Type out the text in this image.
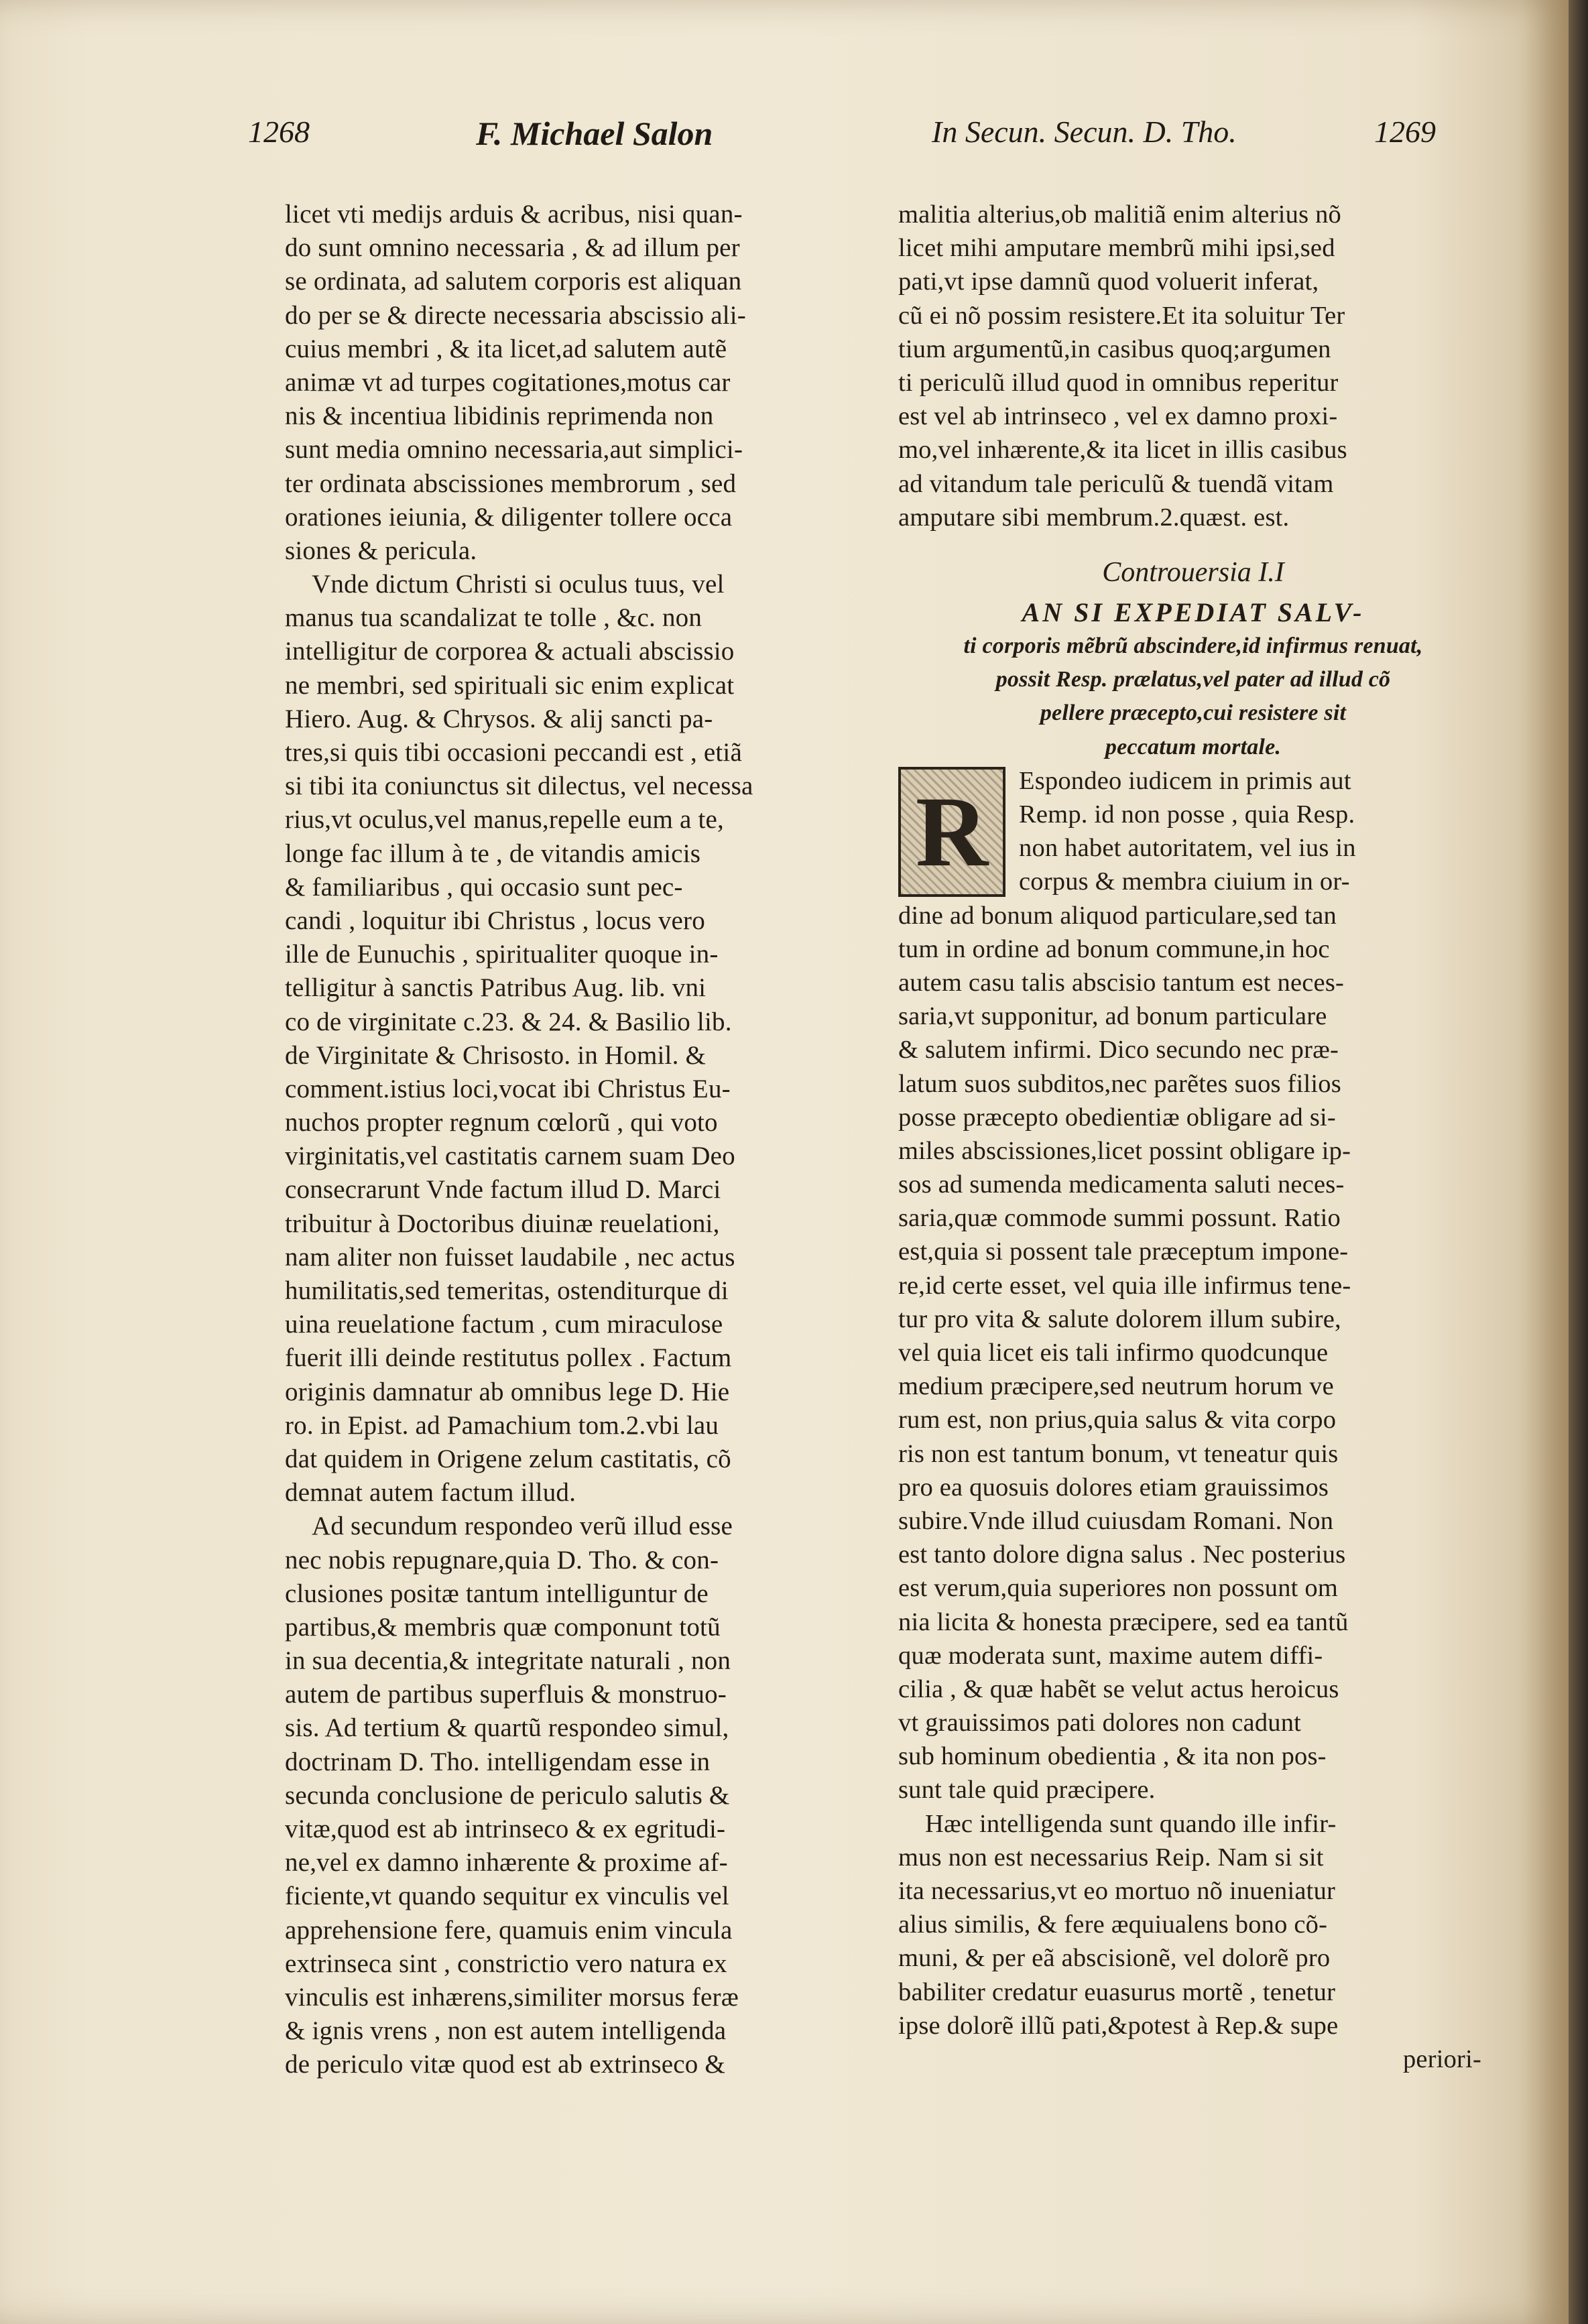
1268	F. Michael Salon	In Secun. Secun. D. Tho.	1269
licet vti medijs arduis & acribus, nisi quan-
do sunt omnino necessaria , & ad illum per
se ordinata, ad salutem corporis est aliquan
do per se & directe necessaria abscissio ali-
cuius membri , & ita licet,ad salutem autẽ
animæ vt ad turpes cogitationes,motus car
nis & incentiua libidinis reprimenda non
sunt media omnino necessaria,aut simplici-
ter ordinata abscissiones membrorum , sed
orationes ieiunia, & diligenter tollere occa
siones & pericula.
Vnde dictum Christi si oculus tuus, vel
manus tua scandalizat te tolle , &c. non
intelligitur de corporea & actuali abscissio
ne membri, sed spirituali sic enim explicat
Hiero. Aug. & Chrysos. & alij sancti pa-
tres,si quis tibi occasioni peccandi est , etiã
si tibi ita coniunctus sit dilectus, vel necessa
rius,vt oculus,vel manus,repelle eum a te,
longe fac illum à te , de vitandis amicis
& familiaribus , qui occasio sunt pec-
candi , loquitur ibi Christus , locus vero
ille de Eunuchis , spiritualiter quoque in-
telligitur à sanctis Patribus Aug. lib. vni
co de virginitate c.23. & 24. & Basilio lib.
de Virginitate & Chrisosto. in Homil. &
comment.istius loci,vocat ibi Christus Eu-
nuchos propter regnum cœlorũ , qui voto
virginitatis,vel castitatis carnem suam Deo
consecrarunt Vnde factum illud D. Marci
tribuitur à Doctoribus diuinæ reuelationi,
nam aliter non fuisset laudabile , nec actus
humilitatis,sed temeritas, ostenditurque di
uina reuelatione factum , cum miraculose
fuerit illi deinde restitutus pollex . Factum
originis damnatur ab omnibus lege D. Hie
ro. in Epist. ad Pamachium tom.2.vbi lau
dat quidem in Origene zelum castitatis, cõ
demnat autem factum illud.
Ad secundum respondeo verũ illud esse
nec nobis repugnare,quia D. Tho. & con-
clusiones positæ tantum intelliguntur de
partibus,& membris quæ componunt totũ
in sua decentia,& integritate naturali , non
autem de partibus superfluis & monstruo-
sis. Ad tertium & quartũ respondeo simul,
doctrinam D. Tho. intelligendam esse in
secunda conclusione de periculo salutis &
vitæ,quod est ab intrinseco & ex egritudi-
ne,vel ex damno inhærente & proxime af-
ficiente,vt quando sequitur ex vinculis vel
apprehensione fere, quamuis enim vincula
extrinseca sint , constrictio vero natura ex
vinculis est inhærens,similiter morsus feræ
& ignis vrens , non est autem intelligenda
de periculo vitæ quod est ab extrinseco &
malitia alterius,ob malitiã enim alterius nõ
licet mihi amputare membrũ mihi ipsi,sed
pati,vt ipse damnũ quod voluerit inferat,
cũ ei nõ possim resistere.Et ita soluitur Ter
tium argumentũ,in casibus quoq;argumen
ti periculũ illud quod in omnibus reperitur
est vel ab intrinseco , vel ex damno proxi-
mo,vel inhærente,& ita licet in illis casibus
ad vitandum tale periculũ & tuendã vitam
amputare sibi membrum.2.quæst. est.
Controuersia I.I
AN SI EXPEDIAT SALV-
ti corporis mẽbrũ abscindere,id infirmus renuat,
possit Resp. prælatus,vel pater ad illud cõ
pellere præcepto,cui resistere sit
peccatum mortale.
R	Espondeo iudicem in primis aut
Remp. id non posse , quia Resp.
non habet autoritatem, vel ius in
corpus & membra ciuium in or-
dine ad bonum aliquod particulare,sed tan
tum in ordine ad bonum commune,in hoc
autem casu talis abscisio tantum est neces-
saria,vt supponitur, ad bonum particulare
& salutem infirmi. Dico secundo nec præ-
latum suos subditos,nec parẽtes suos filios
posse præcepto obedientiæ obligare ad si-
miles abscissiones,licet possint obligare ip-
sos ad sumenda medicamenta saluti neces-
saria,quæ commode summi possunt. Ratio
est,quia si possent tale præceptum impone-
re,id certe esset, vel quia ille infirmus tene-
tur pro vita & salute dolorem illum subire,
vel quia licet eis tali infirmo quodcunque
medium præcipere,sed neutrum horum ve
rum est, non prius,quia salus & vita corpo
ris non est tantum bonum, vt teneatur quis
pro ea quosuis dolores etiam grauissimos
subire.Vnde illud cuiusdam Romani. Non
est tanto dolore digna salus . Nec posterius
est verum,quia superiores non possunt om
nia licita & honesta præcipere, sed ea tantũ
quæ moderata sunt, maxime autem diffi-
cilia , & quæ habẽt se velut actus heroicus
vt grauissimos pati dolores non cadunt
sub hominum obedientia , & ita non pos-
sunt tale quid præcipere.
Hæc intelligenda sunt quando ille infir-
mus non est necessarius Reip. Nam si sit
ita necessarius,vt eo mortuo nõ inueniatur
alius similis, & fere æquiualens bono cõ-
muni, & per eã abscisionẽ, vel dolorẽ pro
babiliter credatur euasurus mortẽ , tenetur
ipse dolorẽ illũ pati,&potest à Rep.& supe
periori-
